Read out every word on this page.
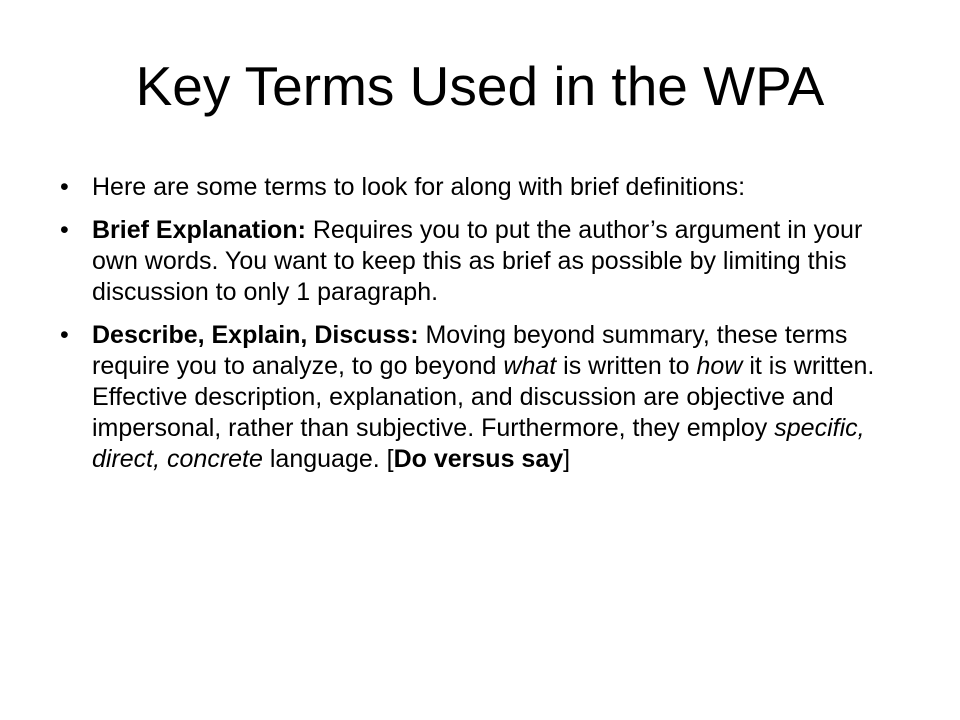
Key Terms Used in the WPA
• Here are some terms to look for along with brief definitions:
• Brief Explanation: Requires you to put the author’s argument in your own words. You want to keep this as brief as possible by limiting this discussion to only 1 paragraph.
• Describe, Explain, Discuss: Moving beyond summary, these terms require you to analyze, to go beyond what is written to how it is written. Effective description, explanation, and discussion are objective and impersonal, rather than subjective. Furthermore, they employ specific, direct, concrete language. [Do versus say]
